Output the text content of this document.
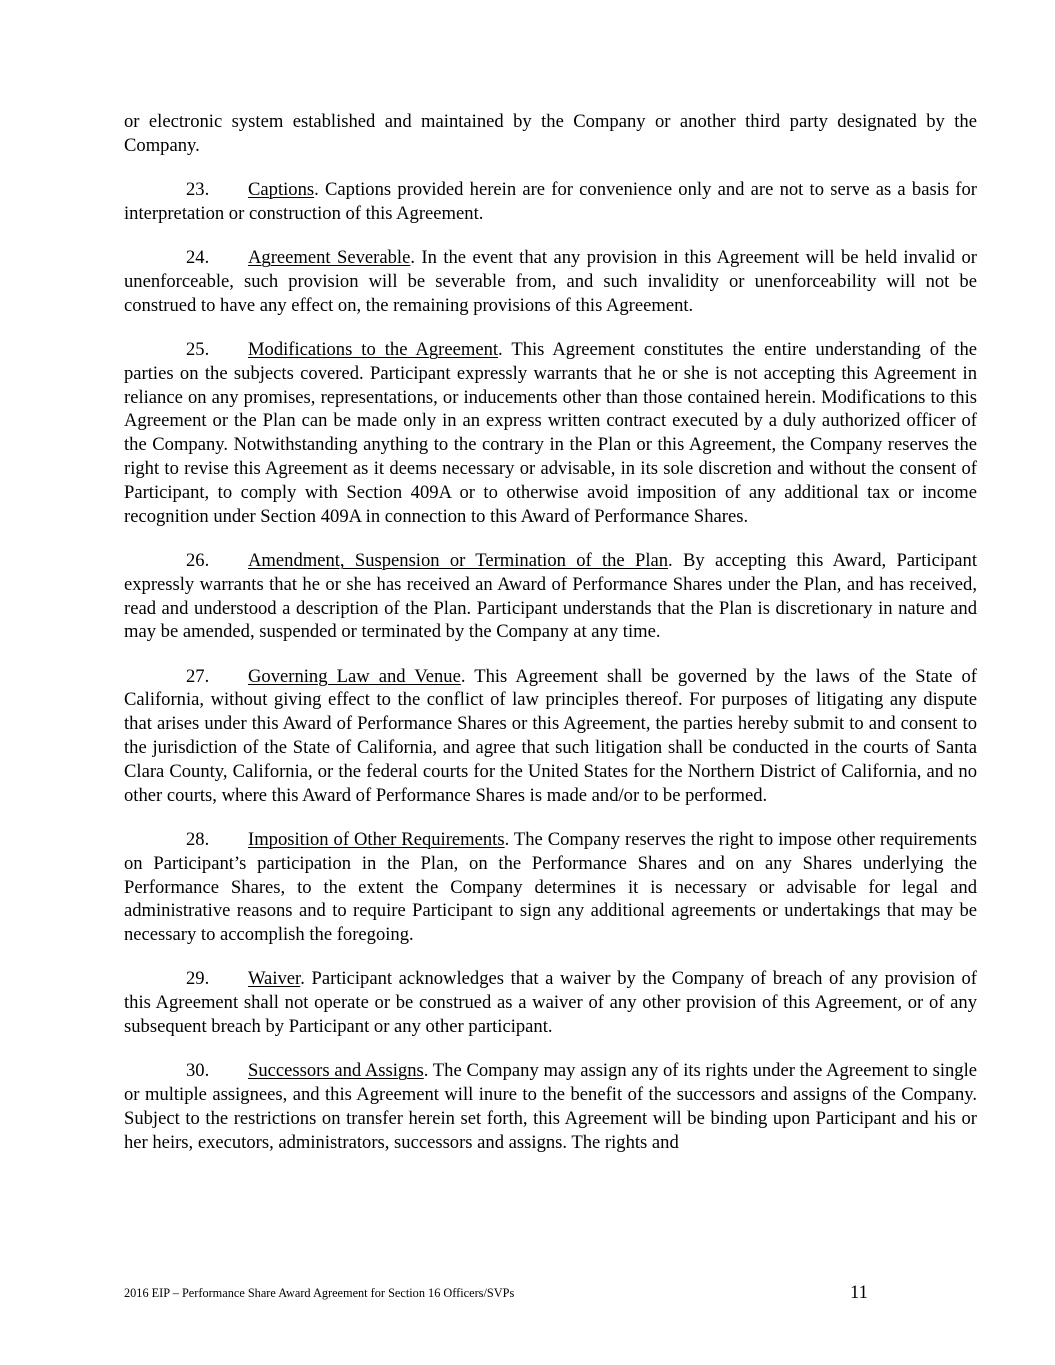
or electronic system established and maintained by the Company or another third party designated by the Company.

23. Captions. Captions provided herein are for convenience only and are not to serve as a basis for interpretation or construction of this Agreement.

24. Agreement Severable. In the event that any provision in this Agreement will be held invalid or unenforceable, such provision will be severable from, and such invalidity or unenforceability will not be construed to have any effect on, the remaining provisions of this Agreement.

25. Modifications to the Agreement. This Agreement constitutes the entire understanding of the parties on the subjects covered. Participant expressly warrants that he or she is not accepting this Agreement in reliance on any promises, representations, or inducements other than those contained herein. Modifications to this Agreement or the Plan can be made only in an express written contract executed by a duly authorized officer of the Company. Notwithstanding anything to the contrary in the Plan or this Agreement, the Company reserves the right to revise this Agreement as it deems necessary or advisable, in its sole discretion and without the consent of Participant, to comply with Section 409A or to otherwise avoid imposition of any additional tax or income recognition under Section 409A in connection to this Award of Performance Shares.

26. Amendment, Suspension or Termination of the Plan. By accepting this Award, Participant expressly warrants that he or she has received an Award of Performance Shares under the Plan, and has received, read and understood a description of the Plan. Participant understands that the Plan is discretionary in nature and may be amended, suspended or terminated by the Company at any time.

27. Governing Law and Venue. This Agreement shall be governed by the laws of the State of California, without giving effect to the conflict of law principles thereof. For purposes of litigating any dispute that arises under this Award of Performance Shares or this Agreement, the parties hereby submit to and consent to the jurisdiction of the State of California, and agree that such litigation shall be conducted in the courts of Santa Clara County, California, or the federal courts for the United States for the Northern District of California, and no other courts, where this Award of Performance Shares is made and/or to be performed.

28. Imposition of Other Requirements. The Company reserves the right to impose other requirements on Participant’s participation in the Plan, on the Performance Shares and on any Shares underlying the Performance Shares, to the extent the Company determines it is necessary or advisable for legal and administrative reasons and to require Participant to sign any additional agreements or undertakings that may be necessary to accomplish the foregoing.

29. Waiver. Participant acknowledges that a waiver by the Company of breach of any provision of this Agreement shall not operate or be construed as a waiver of any other provision of this Agreement, or of any subsequent breach by Participant or any other participant.

30. Successors and Assigns. The Company may assign any of its rights under the Agreement to single or multiple assignees, and this Agreement will inure to the benefit of the successors and assigns of the Company. Subject to the restrictions on transfer herein set forth, this Agreement will be binding upon Participant and his or her heirs, executors, administrators, successors and assigns. The rights and

2016 EIP – Performance Share Award Agreement for Section 16 Officers/SVPs	11
